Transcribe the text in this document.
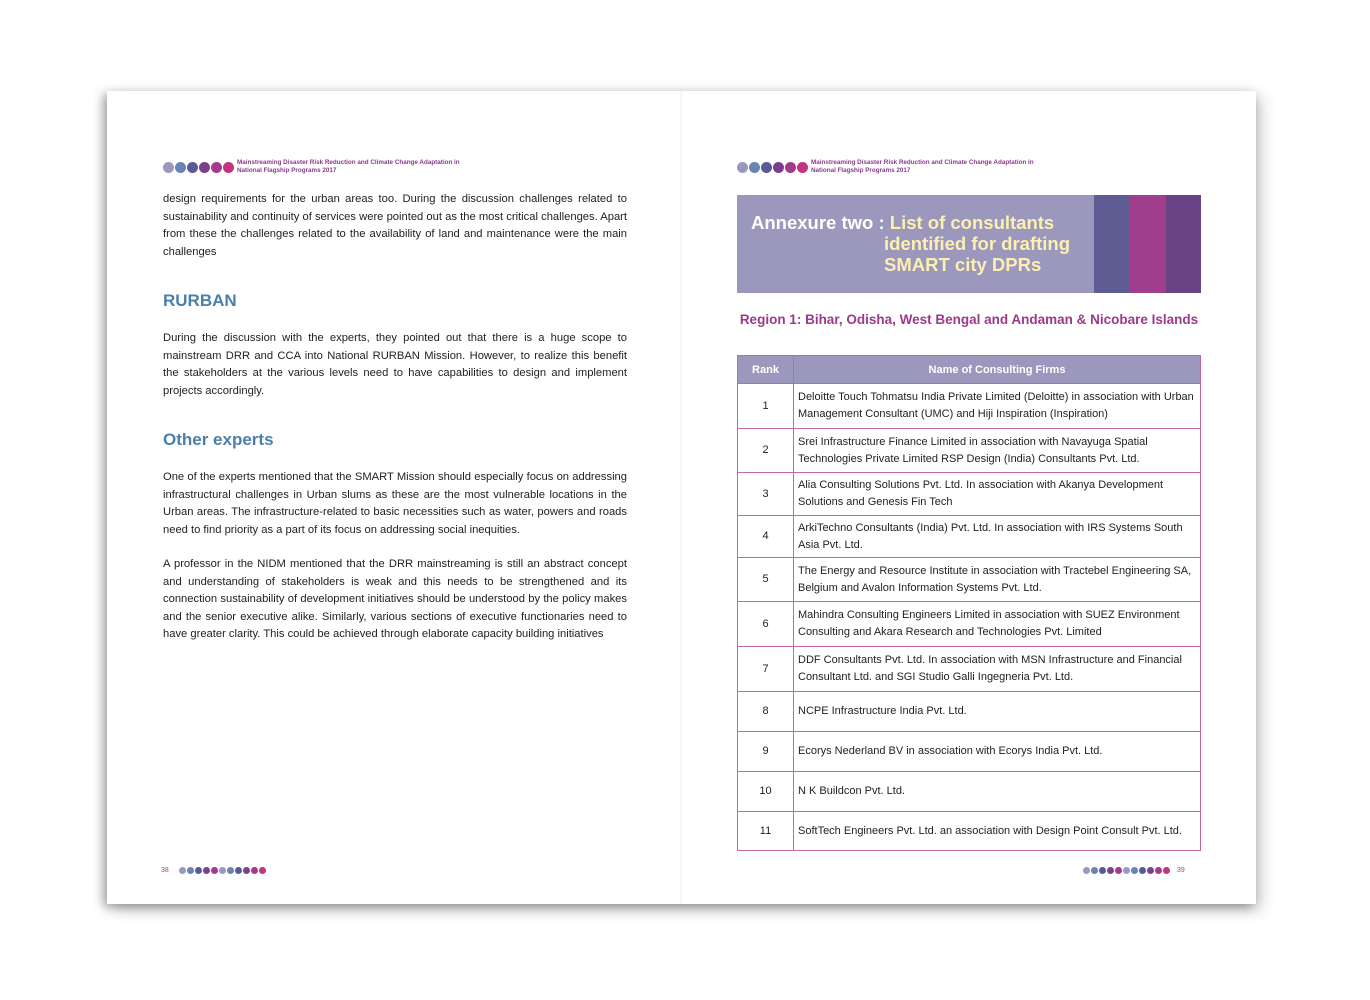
Mainstreaming Disaster Risk Reduction and Climate Change Adaptation in
National Flagship Programs 2017

design requirements for the urban areas too. During the discussion challenges related to sustainability and continuity of services were pointed out as the most critical challenges. Apart from these the challenges related to the availability of land and maintenance were the main challenges

RURBAN

During the discussion with the experts, they pointed out that there is a huge scope to mainstream DRR and CCA into National RURBAN Mission. However, to realize this benefit the stakeholders at the various levels need to have capabilities to design and implement projects accordingly.

Other experts

One of the experts mentioned that the SMART Mission should especially focus on addressing infrastructural challenges in Urban slums as these are the most vulnerable locations in the Urban areas. The infrastructure-related to basic necessities such as water, powers and roads need to find priority as a part of its focus on addressing social inequities.

A professor in the NIDM mentioned that the DRR mainstreaming is still an abstract concept and understanding of stakeholders is weak and this needs to be strengthened and its connection sustainability of development initiatives should be understood by the policy makes and the senior executive alike. Similarly, various sections of executive functionaries need to have greater clarity. This could be achieved through elaborate capacity building initiatives

38
Mainstreaming Disaster Risk Reduction and Climate Change Adaptation in
National Flagship Programs 2017
Annexure two : List of consultants
identified for drafting
SMART city DPRs
Region 1: Bihar, Odisha, West Bengal and Andaman & Nicobare Islands
Rank	Name of Consulting Firms
1	Deloitte Touch Tohmatsu India Private Limited (Deloitte) in association with Urban Management Consultant (UMC) and Hiji Inspiration (Inspiration)
2	Srei Infrastructure Finance Limited in association with Navayuga Spatial Technologies Private Limited RSP Design (India) Consultants Pvt. Ltd.
3	Alia Consulting Solutions Pvt. Ltd. In association with Akanya Development Solutions and Genesis Fin Tech
4	ArkiTechno Consultants (India) Pvt. Ltd. In association with IRS Systems South Asia Pvt. Ltd.
5	The Energy and Resource Institute in association with Tractebel Engineering SA, Belgium and Avalon Information Systems Pvt. Ltd.
6	Mahindra Consulting Engineers Limited in association with SUEZ Environment Consulting and Akara Research and Technologies Pvt. Limited
7	DDF Consultants Pvt. Ltd. In association with MSN Infrastructure and Financial Consultant Ltd. and SGI Studio Galli Ingegneria Pvt. Ltd.
8	NCPE Infrastructure India Pvt. Ltd.
9	Ecorys Nederland BV in association with Ecorys India Pvt. Ltd.
10	N K Buildcon Pvt. Ltd.
11	SoftTech Engineers Pvt. Ltd. an association with Design Point Consult Pvt. Ltd.
39
